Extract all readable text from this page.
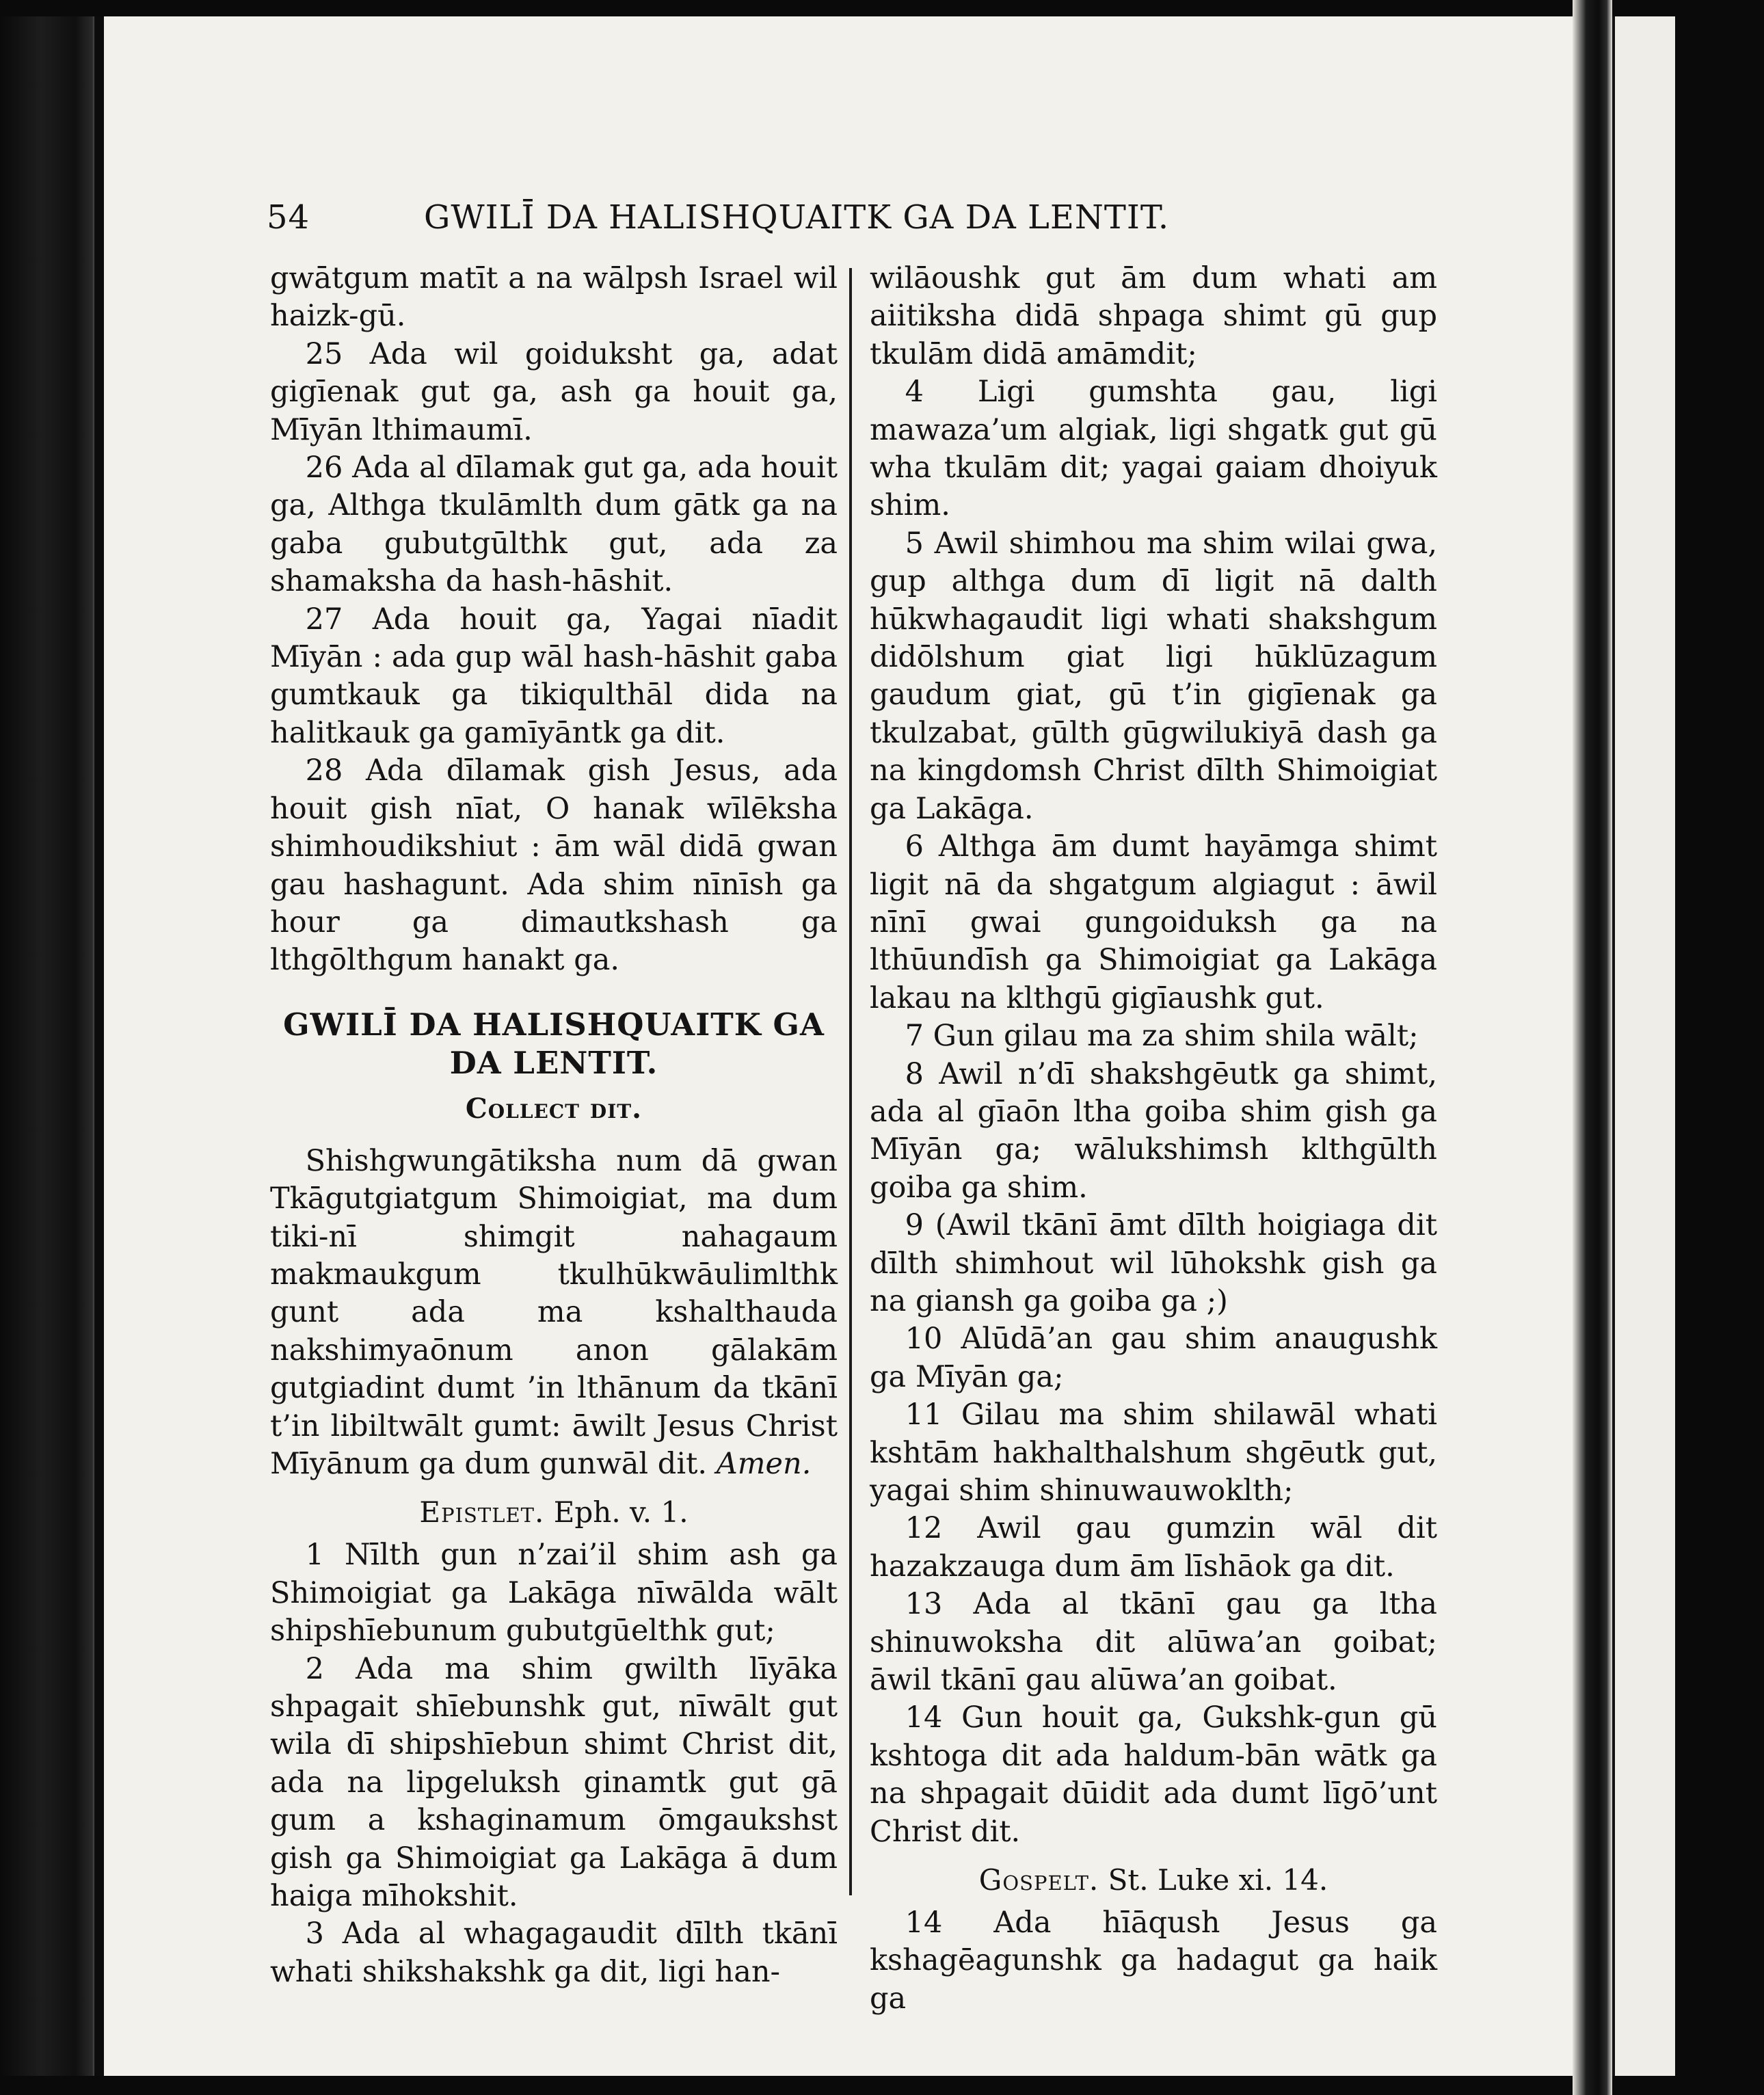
54	GWILĪ DA HALISHQUAITK GA DA LENTIT.

gwātgum matīt a na wālpsh Israel wil haizk-gū.

25 Ada wil goiduksht ga, adat gigīenak gut ga, ash ga houit ga, Mīyān lthimaumī.

26 Ada al dīlamak gut ga, ada houit ga, Althga tkulāmlth dum gātk ga na gaba gubutgūlthk gut, ada za shamaksha da hash-hāshit.

27 Ada houit ga, Yagai nīadit Mīyān : ada gup wāl hash-hāshit gaba gumtkauk ga tikiqulthāl dida na halitkauk ga gamīyāntk ga dit.

28 Ada dīlamak gish Jesus, ada houit gish nīat, O hanak wīlēksha shimhoudikshiut : ām wāl didā gwan gau hashagunt. Ada shim nīnīsh ga hour ga dimautkshash ga lthgōlthgum hanakt ga.

GWILĪ DA HALISHQUAITK GA DA LENTIT.
Collect dit.

Shishgwungātiksha num dā gwan Tkāgutgiatgum Shimoigiat, ma dum tiki-nī shimgit nahagaum makmaukgum tkulhūkwāulimlthk gunt ada ma kshalthauda nakshimyaōnum anon gālakām gutgiadint dumt ’in lthānum da tkānī t’in libiltwālt gumt: āwilt Jesus Christ Mīyānum ga dum gunwāl dit. Amen.

Epistlet. Eph. v. 1.

1 Nīlth gun n’zai’il shim ash ga Shimoigiat ga Lakāga nīwālda wālt shipshīebunum gubutgūelthk gut;

2 Ada ma shim gwilth līyāka shpagait shīebunshk gut, nīwālt gut wila dī shipshīebun shimt Christ dit, ada na lipgeluksh ginamtk gut gā gum a kshaginamum ōmgaukshst gish ga Shimoigiat ga Lakāga ā dum haiga mīhokshit.

3 Ada al whagagaudit dīlth tkānī whati shikshakshk ga dit, ligi han-

wilāoushk gut ām dum whati am aiitiksha didā shpaga shimt gū gup tkulām didā amāmdit;

4 Ligi gumshta gau, ligi mawaza’um algiak, ligi shgatk gut gū wha tkulām dit; yagai gaiam dhoiyuk shim.

5 Awil shimhou ma shim wilai gwa, gup althga dum dī ligit nā dalth hūkwhagaudit ligi whati shakshgum didōlshum giat ligi hūklūzagum gaudum giat, gū t’in gigīenak ga tkulzabat, gūlth gūgwilukiyā dash ga na kingdomsh Christ dīlth Shimoigiat ga Lakāga.

6 Althga ām dumt hayāmga shimt ligit nā da shgatgum algiagut : āwil nīnī gwai gungoiduksh ga na lthūundīsh ga Shimoigiat ga Lakāga lakau na klthgū gigīaushk gut.

7 Gun gilau ma za shim shila wālt;

8 Awil n’dī shakshgēutk ga shimt, ada al gīaōn ltha goiba shim gish ga Mīyān ga; wālukshimsh klthgūlth goiba ga shim.

9 (Awil tkānī āmt dīlth hoigiaga dit dīlth shimhout wil lūhokshk gish ga na giansh ga goiba ga ;)

10 Alūdā’an gau shim anaugushk ga Mīyān ga;

11 Gilau ma shim shilawāl whati kshtām hakhalthalshum shgēutk gut, yagai shim shinuwauwoklth;

12 Awil gau gumzin wāl dit hazakzauga dum ām līshāok ga dit.

13 Ada al tkānī gau ga ltha shinuwoksha dit alūwa’an goibat; āwil tkānī gau alūwa’an goibat.

14 Gun houit ga, Gukshk-gun gū kshtoga dit ada haldum-bān wātk ga na shpagait dūidit ada dumt līgō’unt Christ dit.

Gospelt. St. Luke xi. 14.

14 Ada hīāqush Jesus ga kshagēagunshk ga hadagut ga haik ga
